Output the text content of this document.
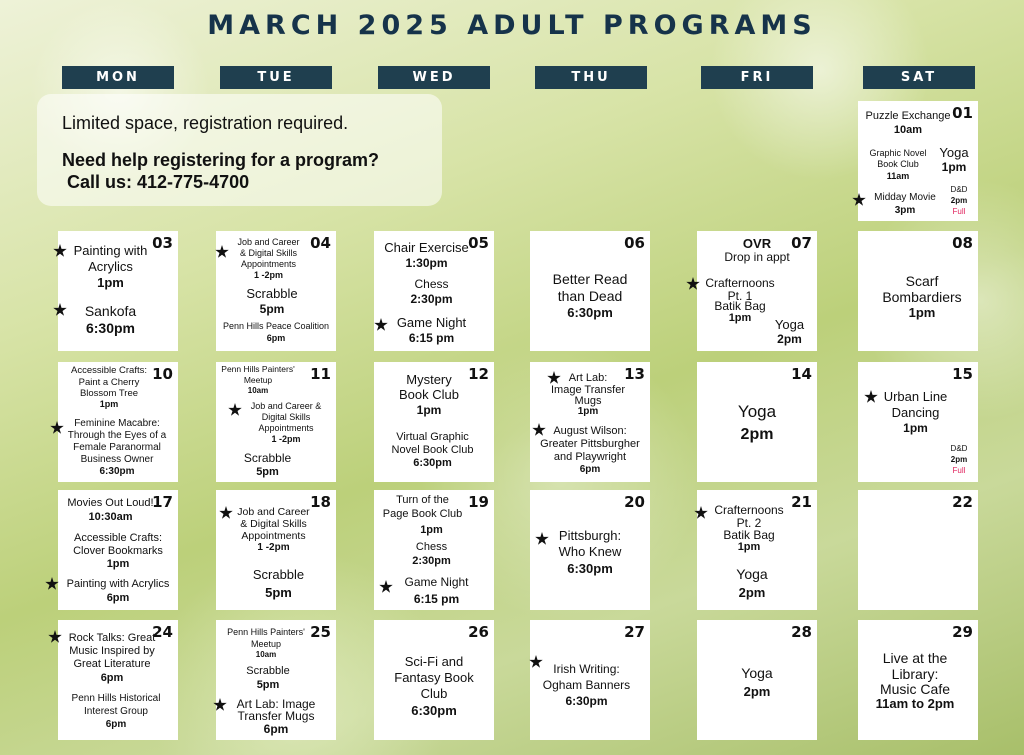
MARCH 2025 ADULT PROGRAMS
MON	TUE	WED	THU	FRI	SAT
Limited space, registration required.
Need help registering for a program?
Call us: 412-775-4700
01
Puzzle Exchange
10am
Graphic Novel
Book Club
11am
Yoga
1pm
D&D
2pm
Full
Midday Movie
3pm
03
Painting with
Acrylics
1pm
Sankofa
6:30pm
04
Job and Career
& Digital Skills
Appointments
1 -2pm
Scrabble
5pm
Penn Hills Peace Coalition
6pm
05
Chair Exercise
1:30pm
Chess
2:30pm
Game Night
6:15 pm
06
Better Read
than Dead
6:30pm
07
OVR
Drop in appt
Crafternoons
Pt. 1
Batik Bag
1pm	Yoga
2pm
08
Scarf
Bombardiers
1pm
10
Accessible Crafts:
Paint a Cherry
Blossom Tree
1pm
Feminine Macabre:
Through the Eyes of a
Female Paranormal
Business Owner
6:30pm
11
Penn Hills Painters'
Meetup
10am
Job and Career &
Digital Skills
Appointments
1 -2pm
Scrabble
5pm
12
Mystery
Book Club
1pm
Virtual Graphic
Novel Book Club
6:30pm
13
Art Lab:
Image Transfer
Mugs
1pm
August Wilson:
Greater Pittsburgher
and Playwright
6pm
14
Yoga
2pm
15
Urban Line
Dancing
1pm
D&D
2pm
Full
17
Movies Out Loud!
10:30am
Accessible Crafts:
Clover Bookmarks
1pm
Painting with Acrylics
6pm
18
Job and Career
& Digital Skills
Appointments
1 -2pm
Scrabble
5pm
19
Turn of the
Page Book Club
1pm
Chess
2:30pm
Game Night
6:15 pm
20
Pittsburgh:
Who Knew
6:30pm
21
Crafternoons
Pt. 2
Batik Bag
1pm
Yoga
2pm
22
24
Rock Talks: Great
Music Inspired by
Great Literature
6pm
Penn Hills Historical
Interest Group
6pm
25
Penn Hills Painters'
Meetup
10am
Scrabble
5pm
Art Lab: Image
Transfer Mugs
6pm
26
Sci-Fi and
Fantasy Book
Club
6:30pm
27
Irish Writing:
Ogham Banners
6:30pm
28
Yoga
2pm
29
Live at the
Library:
Music Cafe
11am to 2pm
